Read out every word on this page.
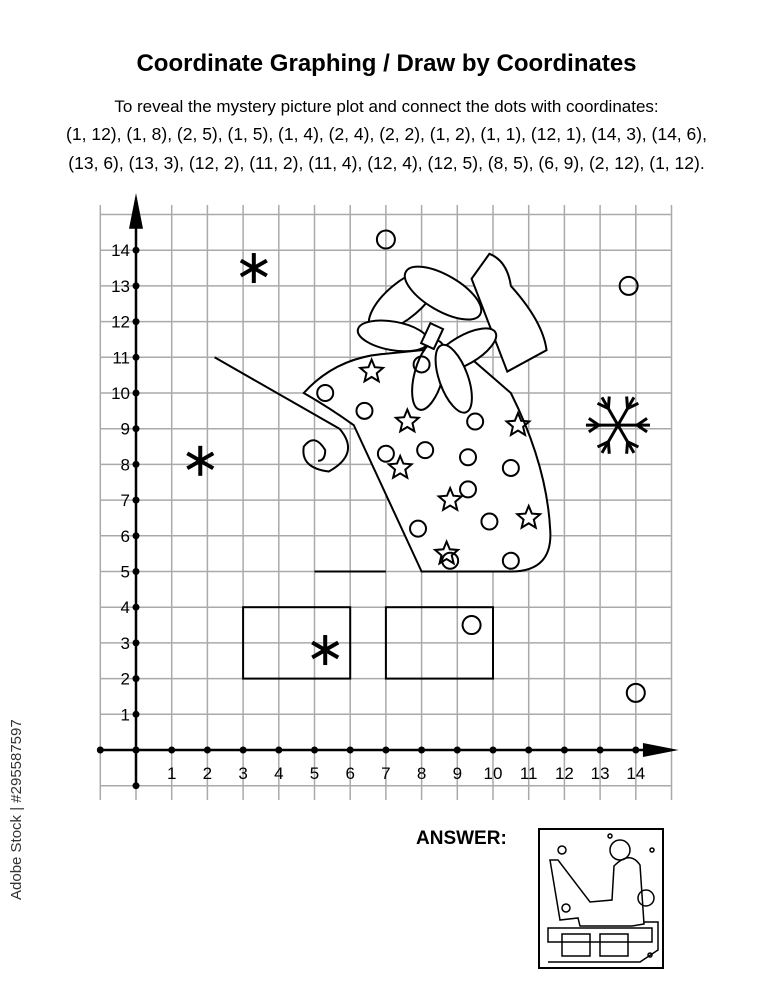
Coordinate Graphing / Draw by Coordinates
To reveal the mystery picture plot and connect the dots with coordinates:
(1, 12), (1, 8), (2, 5), (1, 5), (1, 4), (2, 4), (2, 2), (1, 2), (1, 1), (12, 1), (14, 3), (14, 6), (13, 6), (13, 3), (12, 2), (11, 2), (11, 4), (12, 4), (12, 5), (8, 5), (6, 9), (2, 12), (1, 12).
1 2 3 4 5 6 7 8 9 10 11 12 13 14
1
2
3
4
5
6
7
8
9
10
11
12
13
14
ANSWER:
Adobe Stock | #295587597
